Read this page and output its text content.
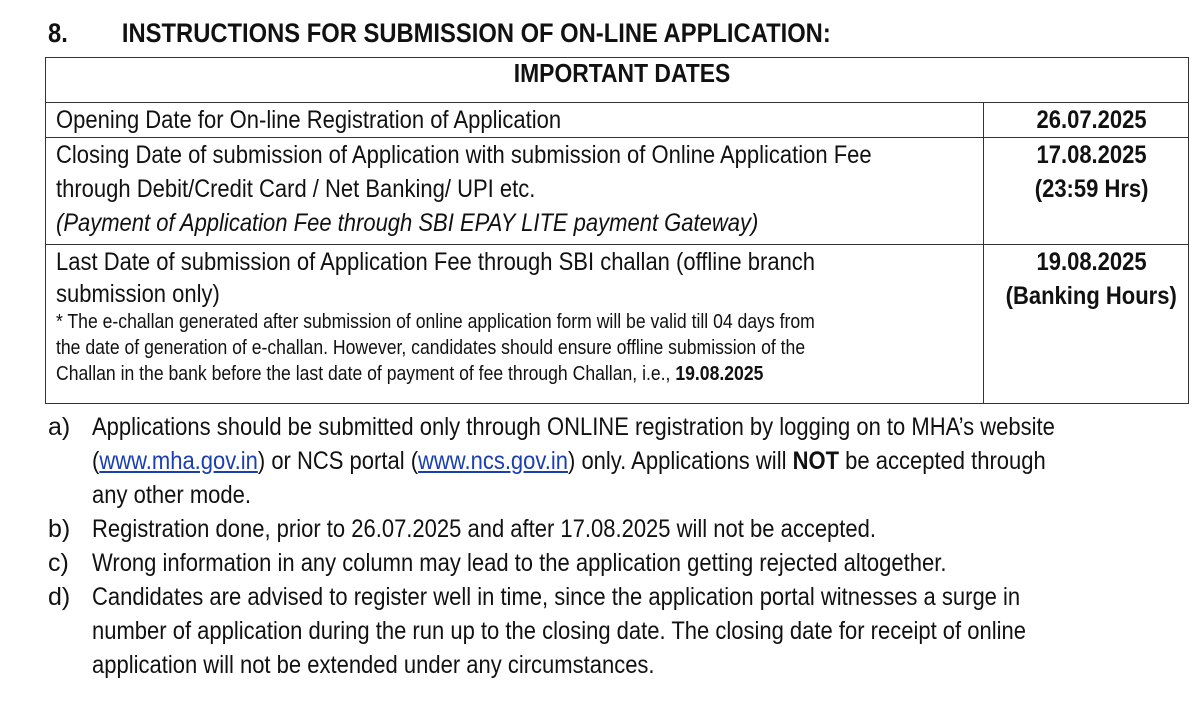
8. INSTRUCTIONS FOR SUBMISSION OF ON-LINE APPLICATION:
IMPORTANT DATES	

Opening Date for On-line Registration of Application	26.07.2025

Closing Date of submission of Application with submission of Online Application Fee
through Debit/Credit Card / Net Banking/ UPI etc.
(Payment of Application Fee through SBI EPAY LITE payment Gateway)	17.08.2025
(23:59 Hrs)

Last Date of submission of Application Fee through SBI challan (offline branch
submission only)
* The e-challan generated after submission of online application form will be valid till 04 days from
the date of generation of e-challan. However, candidates should ensure offline submission of the
Challan in the bank before the last date of payment of fee through Challan, i.e., 19.08.2025	19.08.2025
(Banking Hours)
a) Applications should be submitted only through ONLINE registration by logging on to MHA’s website
(www.mha.gov.in) or NCS portal (www.ncs.gov.in) only. Applications will NOT be accepted through
any other mode.
b) Registration done, prior to 26.07.2025 and after 17.08.2025 will not be accepted.
c) Wrong information in any column may lead to the application getting rejected altogether.
d) Candidates are advised to register well in time, since the application portal witnesses a surge in
number of application during the run up to the closing date. The closing date for receipt of online
application will not be extended under any circumstances.
